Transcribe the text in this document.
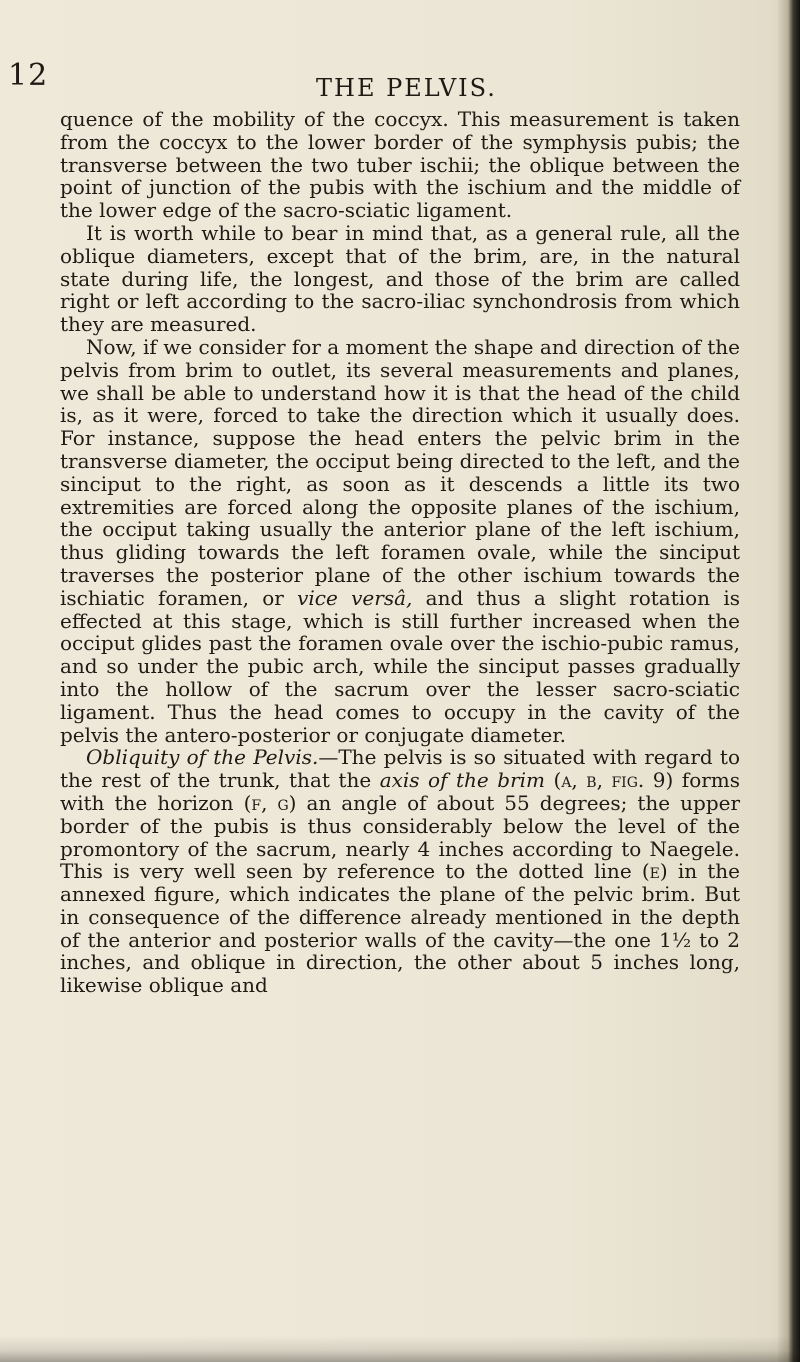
12	THE PELVIS.

quence of the mobility of the coccyx. This measurement is taken from the coccyx to the lower border of the symphysis pubis; the transverse between the two tuber ischii; the oblique between the point of junction of the pubis with the ischium and the middle of the lower edge of the sacro-sciatic ligament.

It is worth while to bear in mind that, as a general rule, all the oblique diameters, except that of the brim, are, in the natural state during life, the longest, and those of the brim are called right or left according to the sacro-iliac synchondrosis from which they are measured.

Now, if we consider for a moment the shape and direction of the pelvis from brim to outlet, its several measurements and planes, we shall be able to understand how it is that the head of the child is, as it were, forced to take the direction which it usually does. For instance, suppose the head enters the pelvic brim in the transverse diameter, the occiput being directed to the left, and the sinciput to the right, as soon as it descends a little its two extremities are forced along the opposite planes of the ischium, the occiput taking usually the anterior plane of the left ischium, thus gliding towards the left foramen ovale, while the sinciput traverses the posterior plane of the other ischium towards the ischiatic foramen, or vice versâ, and thus a slight rotation is effected at this stage, which is still further increased when the occiput glides past the foramen ovale over the ischio-pubic ramus, and so under the pubic arch, while the sinciput passes gradually into the hollow of the sacrum over the lesser sacro-sciatic ligament. Thus the head comes to occupy in the cavity of the pelvis the antero-posterior or conjugate diameter.

Obliquity of the Pelvis.—The pelvis is so situated with regard to the rest of the trunk, that the axis of the brim (a, b, fig. 9) forms with the horizon (f, g) an angle of about 55 degrees; the upper border of the pubis is thus considerably below the level of the promontory of the sacrum, nearly 4 inches according to Naegele. This is very well seen by reference to the dotted line (e) in the annexed figure, which indicates the plane of the pelvic brim. But in consequence of the difference already mentioned in the depth of the anterior and posterior walls of the cavity—the one 1½ to 2 inches, and oblique in direction, the other about 5 inches long, likewise oblique and
